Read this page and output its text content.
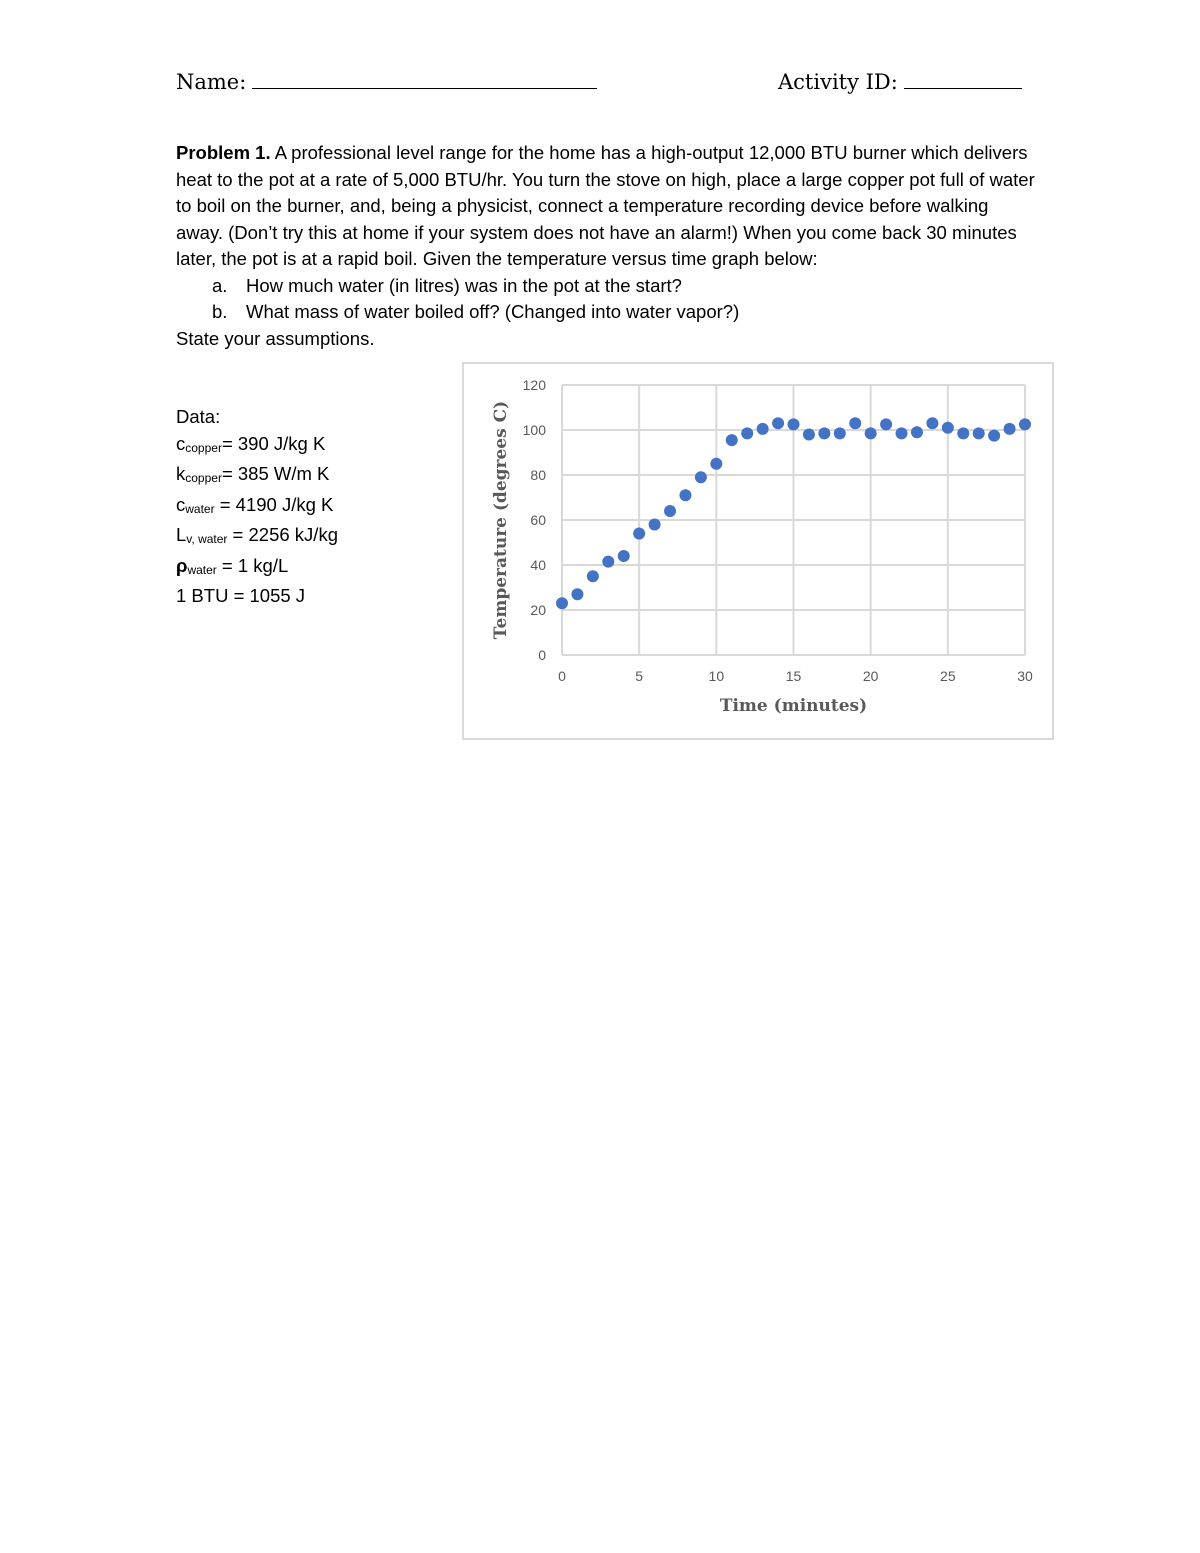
Name:	Activity ID:

Problem 1. A professional level range for the home has a high-output 12,000 BTU burner which delivers heat to the pot at a rate of 5,000 BTU/hr. You turn the stove on high, place a large copper pot full of water to boil on the burner, and, being a physicist, connect a temperature recording device before walking away. (Don’t try this at home if your system does not have an alarm!) When you come back 30 minutes later, the pot is at a rapid boil. Given the temperature versus time graph below:

a.	How much water (in litres) was in the pot at the start?
b.	What mass of water boiled off? (Changed into water vapor?)

State your assumptions.

Data:
ccopper= 390 J/kg K
kcopper= 385 W/m K
cwater = 4190 J/kg K
Lv, water = 2256 kJ/kg
ρwater = 1 kg/L
1 BTU = 1055 J
0
20
40
60
80
100
120
0	5	10	15	20	25	30
Time (minutes)
Temperature (degrees C)
